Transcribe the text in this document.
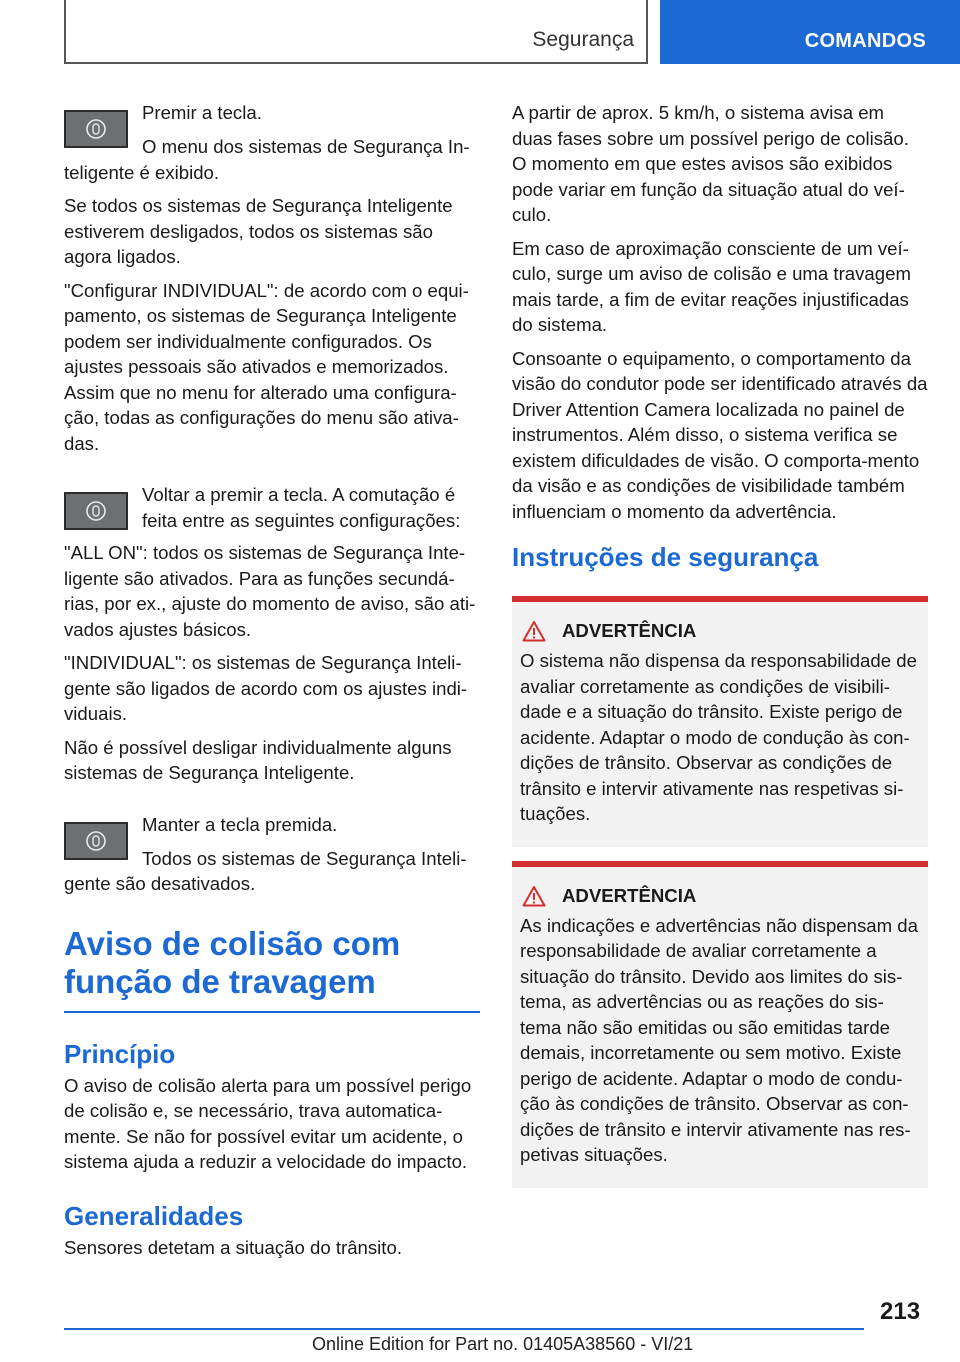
Segurança	COMANDOS

Premir a tecla.

O menu dos sistemas de Segurança In-teligente é exibido.

Se todos os sistemas de Segurança Inteligente estiverem desligados, todos os sistemas são agora ligados.

"Configurar INDIVIDUAL": de acordo com o equi-pamento, os sistemas de Segurança Inteligente podem ser individualmente configurados. Os ajustes pessoais são ativados e memorizados. Assim que no menu for alterado uma configura-ção, todas as configurações do menu são ativa-das.

Voltar a premir a tecla. A comutação é feita entre as seguintes configurações:

"ALL ON": todos os sistemas de Segurança Inte-ligente são ativados. Para as funções secundá-rias, por ex., ajuste do momento de aviso, são ati-vados ajustes básicos.

"INDIVIDUAL": os sistemas de Segurança Inteli-gente são ligados de acordo com os ajustes indi-viduais.

Não é possível desligar individualmente alguns sistemas de Segurança Inteligente.

Manter a tecla premida.

Todos os sistemas de Segurança Inteli-gente são desativados.

Aviso de colisão com função de travagem
Princípio

O aviso de colisão alerta para um possível perigo de colisão e, se necessário, trava automatica-mente. Se não for possível evitar um acidente, o sistema ajuda a reduzir a velocidade do impacto.

Generalidades

Sensores detetam a situação do trânsito.

A partir de aprox. 5 km/h, o sistema avisa em duas fases sobre um possível perigo de colisão. O momento em que estes avisos são exibidos pode variar em função da situação atual do veí-culo.

Em caso de aproximação consciente de um veí-culo, surge um aviso de colisão e uma travagem mais tarde, a fim de evitar reações injustificadas do sistema.

Consoante o equipamento, o comportamento da visão do condutor pode ser identificado através da Driver Attention Camera localizada no painel de instrumentos. Além disso, o sistema verifica se existem dificuldades de visão. O comporta-mento da visão e as condições de visibilidade também influenciam o momento da advertência.

Instruções de segurança
ADVERTÊNCIA

O sistema não dispensa da responsabilidade de avaliar corretamente as condições de visibili-dade e a situação do trânsito. Existe perigo de acidente. Adaptar o modo de condução às con-dições de trânsito. Observar as condições de trânsito e intervir ativamente nas respetivas si-tuações.

ADVERTÊNCIA

As indicações e advertências não dispensam da responsabilidade de avaliar corretamente a situação do trânsito. Devido aos limites do sis-tema, as advertências ou as reações do sis-tema não são emitidas ou são emitidas tarde demais, incorretamente ou sem motivo. Existe perigo de acidente. Adaptar o modo de condu-ção às condições de trânsito. Observar as con-dições de trânsito e intervir ativamente nas res-petivas situações.

213
Online Edition for Part no. 01405A38560 - VI/21
